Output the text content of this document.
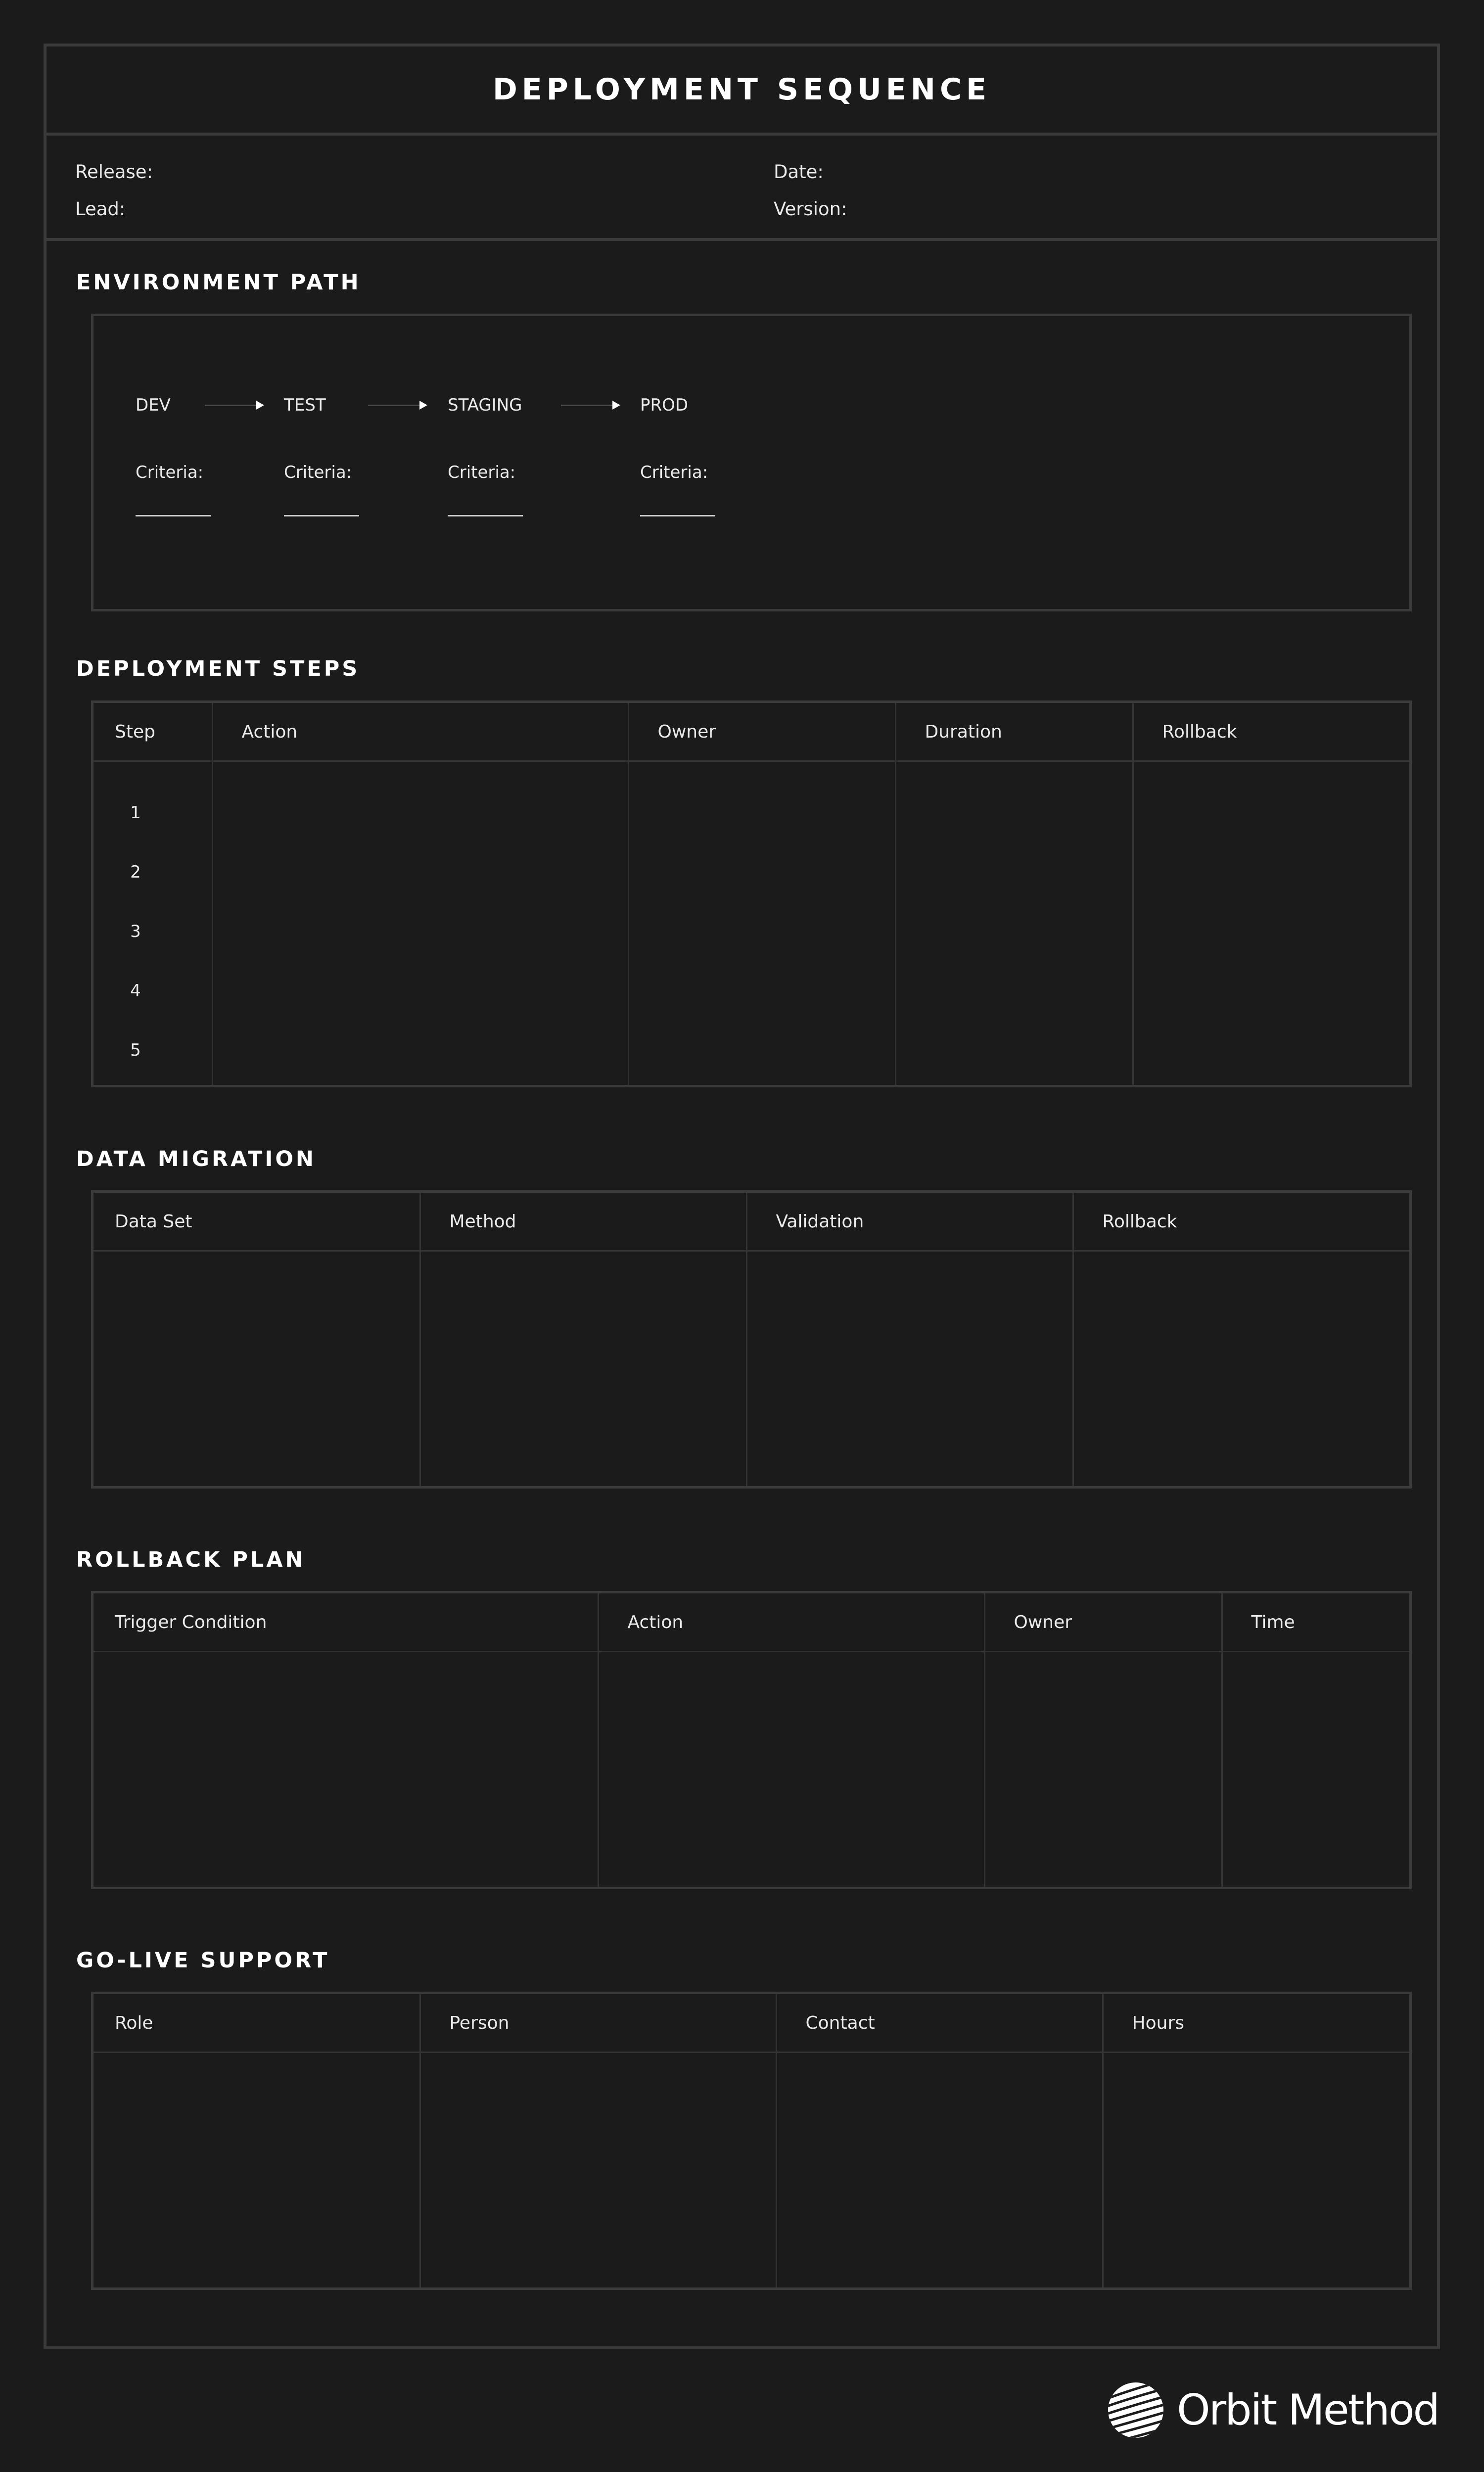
DEPLOYMENT SEQUENCE
Release:	Date:
Lead:	Version:
ENVIRONMENT PATH
DEV	TEST	STAGING	PROD
Criteria:	Criteria:	Criteria:	Criteria:
DEPLOYMENT STEPS
Step	Action	Owner	Duration	Rollback

1
2
3
4
5				

DATA MIGRATION
Data Set	Method	Validation	Rollback

ROLLBACK PLAN
Trigger Condition	Action	Owner	Time

GO-LIVE SUPPORT
Role	Person	Contact	Hours

Orbit Method
